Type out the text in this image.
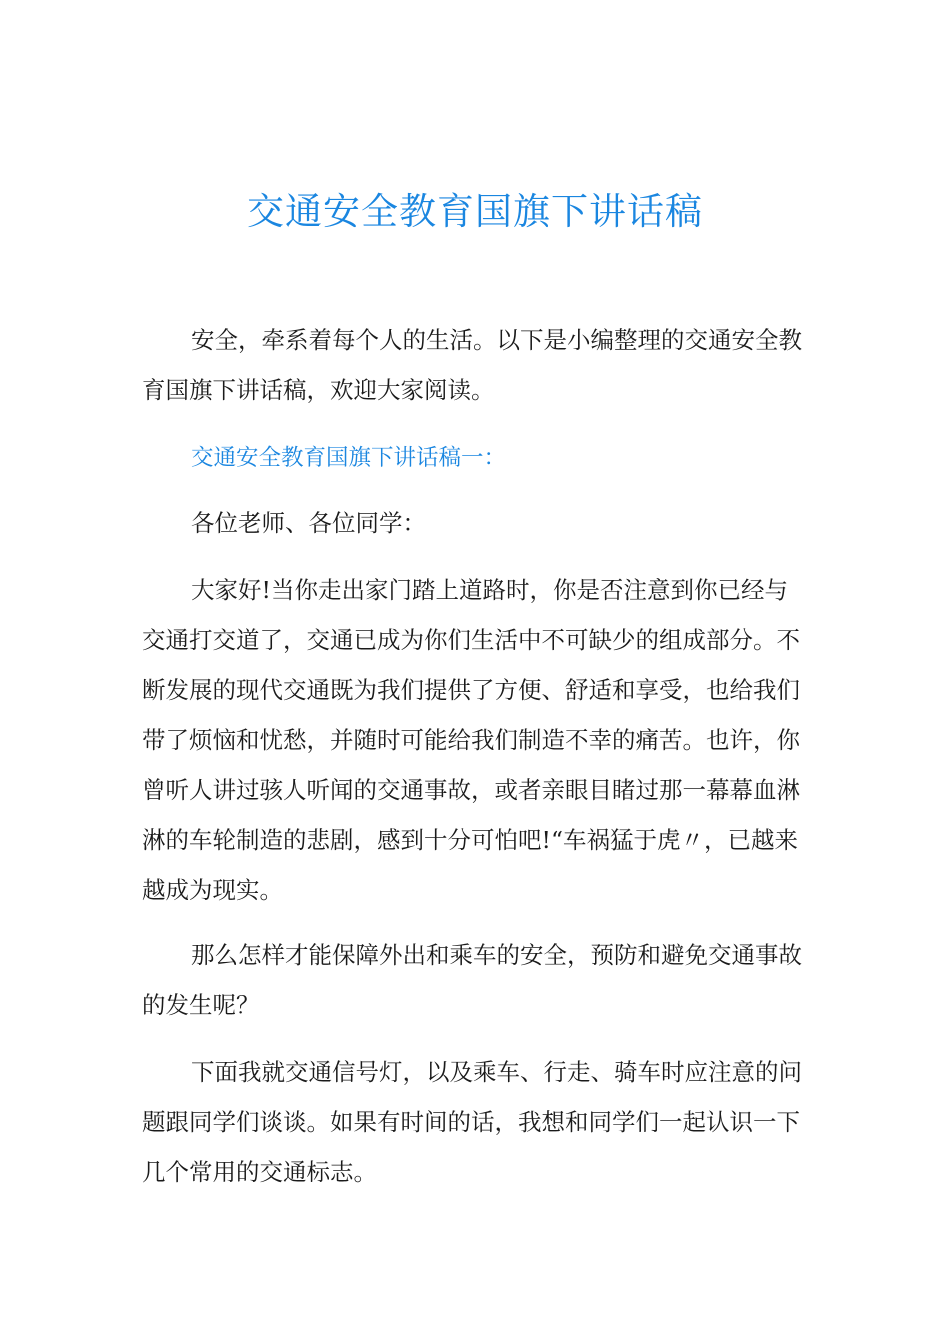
交通安全教育国旗下讲话稿

安全，牵系着每个人的生活。以下是小编整理的交通安全教育国旗下讲话稿，欢迎大家阅读。

交通安全教育国旗下讲话稿一：

各位老师、各位同学：

大家好!当你走出家门踏上道路时，你是否注意到你已经与交通打交道了，交通已成为你们生活中不可缺少的组成部分。不断发展的现代交通既为我们提供了方便、舒适和享受，也给我们带了烦恼和忧愁，并随时可能给我们制造不幸的痛苦。也许，你曾听人讲过骇人听闻的交通事故，或者亲眼目睹过那一幕幕血淋淋的车轮制造的悲剧，感到十分可怕吧!“车祸猛于虎〃，已越来越成为现实。

那么怎样才能保障外出和乘车的安全，预防和避免交通事故的发生呢？

下面我就交通信号灯，以及乘车、行走、骑车时应注意的问题跟同学们谈谈。如果有时间的话，我想和同学们一起认识一下几个常用的交通标志。
